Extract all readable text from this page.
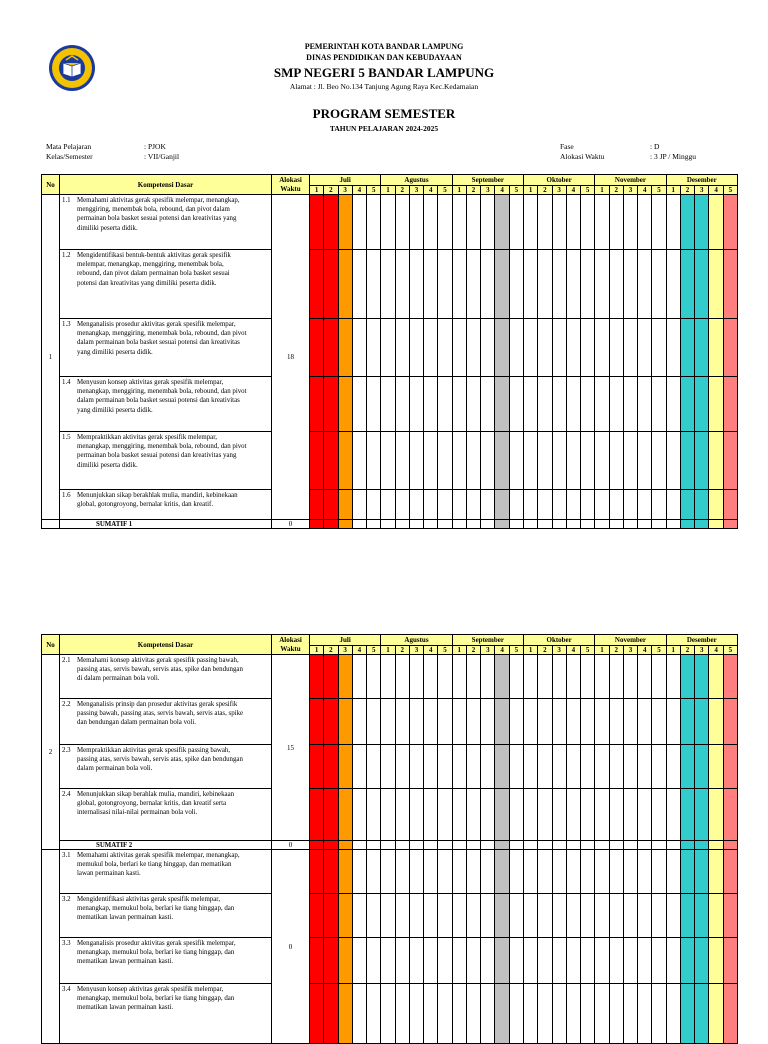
PEMERINTAH KOTA BANDAR LAMPUNG
DINAS PENDIDIKAN DAN KEBUDAYAAN
SMP NEGERI 5 BANDAR LAMPUNG
Alamat : Jl. Beo No.134 Tanjung Agung Raya Kec.Kedamaian
PROGRAM SEMESTER
TAHUN PELAJARAN 2024-2025
Mata Pelajaran	: PJOK
Kelas/Semester	: VII/Ganjil
Fase	: D
Alokasi Waktu	: 3 JP / Minggu
No	Kompetensi Dasar	Alokasi Waktu	Juli					Agustus					September					Oktober					November					Desember				
			1	2	3	4	5	1	2	3	4	5	1	2	3	4	5	1	2	3	4	5	1	2	3	4	5	1	2	3	4	5
1	1.1 Memahami aktivitas gerak spesifik melempar, menangkap, menggiring, menembak bola, rebound, dan pivot dalam permainan bola basket sesuai potensi dan kreativitas yang dimiliki peserta didik.	18																														
	1.2 Mengidentifikasi bentuk-bentuk aktivitas gerak spesifik melempar, menangkap, menggiring, menembak bola, rebound, dan pivot dalam permainan bola basket sesuai potensi dan kreativitas yang dimiliki peserta didik.																															
	1.3 Menganalisis prosedur aktivitas gerak spesifik melempar, menangkap, menggiring, menembak bola, rebound, dan pivot dalam permainan bola basket sesuai potensi dan kreativitas yang dimiliki peserta didik.																															
	1.4 Menyusun konsep aktivitas gerak spesifik melempar, menangkap, menggiring, menembak bola, rebound, dan pivot dalam permainan bola basket sesuai potensi dan kreativitas yang dimiliki peserta didik.																															
	1.5 Mempraktikkan aktivitas gerak spesifik melempar, menangkap, menggiring, menembak bola, rebound, dan pivot permainan bola basket sesuai potensi dan kreativitas yang dimiliki peserta didik.																															
	1.6 Menunjukkan sikap berakhlak mulia, mandiri, kebinekaan global, gotongroyong, bernalar kritis, dan kreatif.																															
	SUMATIF 1	0																														
No	Kompetensi Dasar	Alokasi Waktu	Juli					Agustus					September					Oktober					November					Desember				
			1	2	3	4	5	1	2	3	4	5	1	2	3	4	5	1	2	3	4	5	1	2	3	4	5	1	2	3	4	5
2	2.1 Memahami konsep aktivitas gerak spesifik passing bawah, passing atas, servis bawah, servis atas, spike dan bendungan di dalam permainan bola voli.	15																														
	2.2 Menganalisis prinsip dan prosedur aktivitas gerak spesifik passing bawah, passing atas, servis bawah, servis atas, spike dan bendungan dalam permainan bola voli.																															
	2.3 Mempraktikkan aktivitas gerak spesifik passing bawah, passing atas, servis bawah, servis atas, spike dan bendungan dalam permainan bola voli.																															
	2.4 Menunjukkan sikap berahlak mulia, mandiri, kebinekaan global, gotongroyong, bernalar kritis, dan kreatif serta internalisasi nilai-nilai permainan bola voli.																															
	SUMATIF 2	0																														
	3.1 Memahami aktivitas gerak spesifik melempar, menangkap, memukul bola, berlari ke tiang hinggap, dan mematikan lawan permainan kasti.	0																														
	3.2 Mengidentifikasi aktivitas gerak spesifik melempar, menangkap, memukul bola, berlari ke tiang hinggap, dan mematikan lawan permainan kasti.																															
	3.3 Menganalisis prosedur aktivitas gerak spesifik melempar, menangkap, memukul bola, berlari ke tiang hinggap, dan mematikan lawan permainan kasti.																															
	3.4 Menyusun konsep aktivitas gerak spesifik melempar, menangkap, memukul bola, berlari ke tiang hinggap, dan mematikan lawan permainan kasti.																															
